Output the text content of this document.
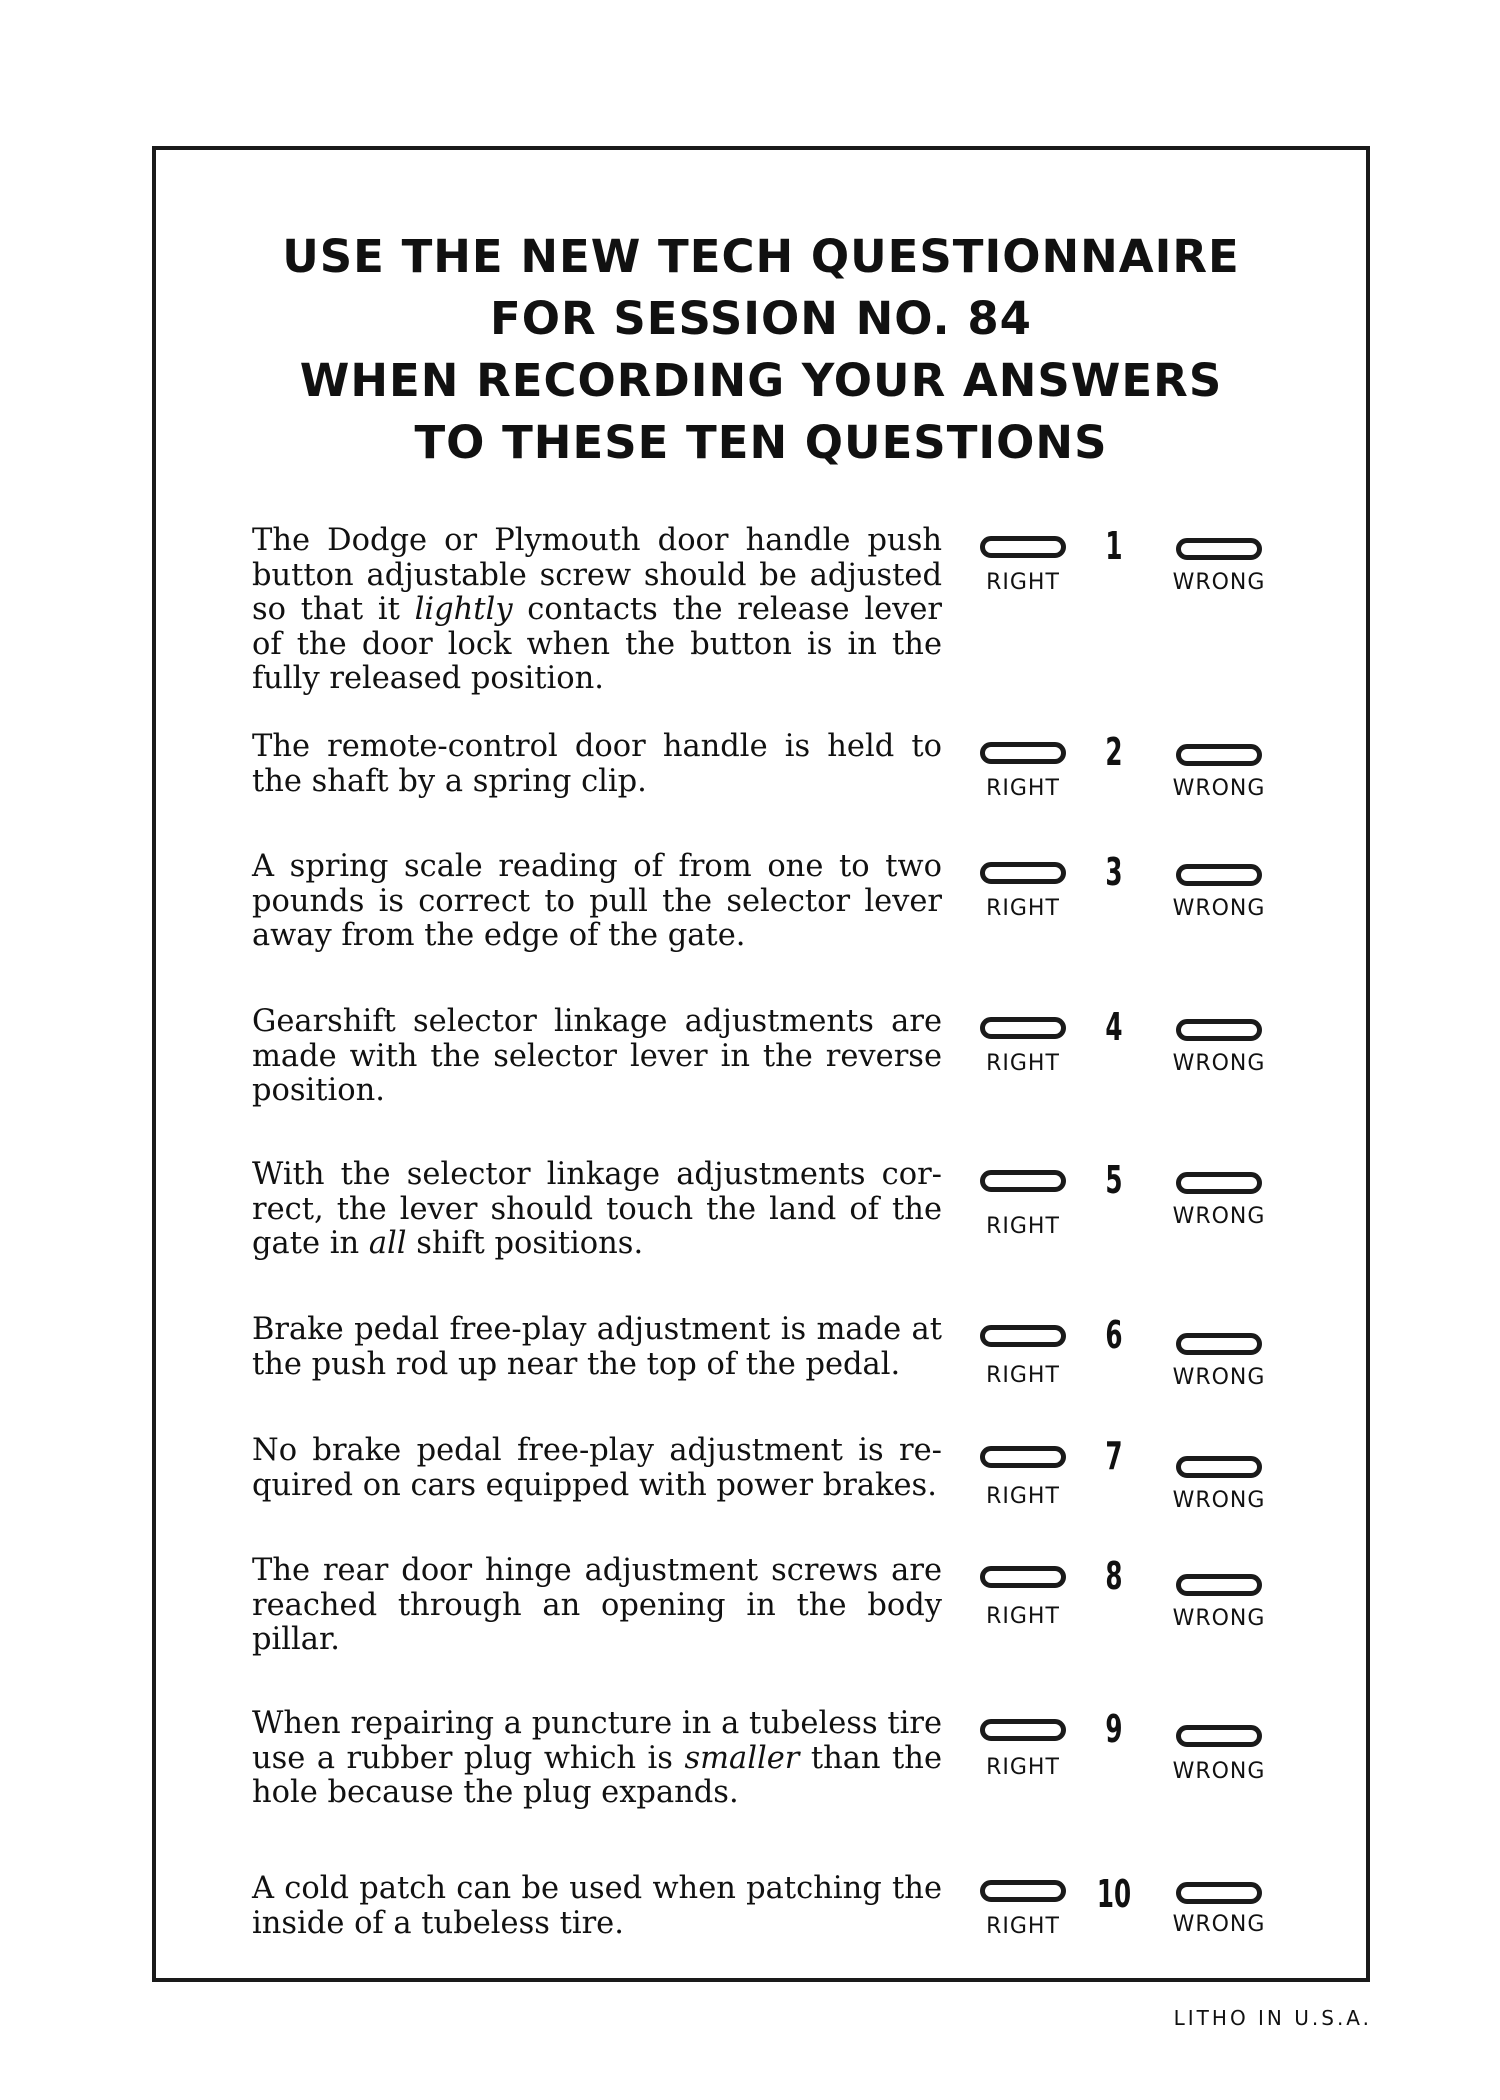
USE THE NEW TECH QUESTIONNAIRE
FOR SESSION NO. 84
WHEN RECORDING YOUR ANSWERS
TO THESE TEN QUESTIONS

The Dodge or Plymouth door handle push button adjustable screw should be adjusted so that it lightly contacts the release lever of the door lock when the button is in the fully released position.

1
RIGHT	WRONG

The remote-control door handle is held to the shaft by a spring clip.

2
RIGHT	WRONG

A spring scale reading of from one to two pounds is correct to pull the selector lever away from the edge of the gate.

3
RIGHT	WRONG

Gearshift selector linkage adjustments are made with the selector lever in the reverse position.

4
RIGHT	WRONG

With the selector linkage adjustments cor-rect, the lever should touch the land of the gate in all shift positions.

5
RIGHT	WRONG

Brake pedal free-play adjustment is made at the push rod up near the top of the pedal.

6
RIGHT	WRONG

No brake pedal free-play adjustment is re-quired on cars equipped with power brakes.

7
RIGHT	WRONG

The rear door hinge adjustment screws are reached through an opening in the body pillar.

8
RIGHT	WRONG

When repairing a puncture in a tubeless tire use a rubber plug which is smaller than the hole because the plug expands.

9
RIGHT	WRONG

A cold patch can be used when patching the inside of a tubeless tire.

10
RIGHT	WRONG
LITHO IN U.S.A.
